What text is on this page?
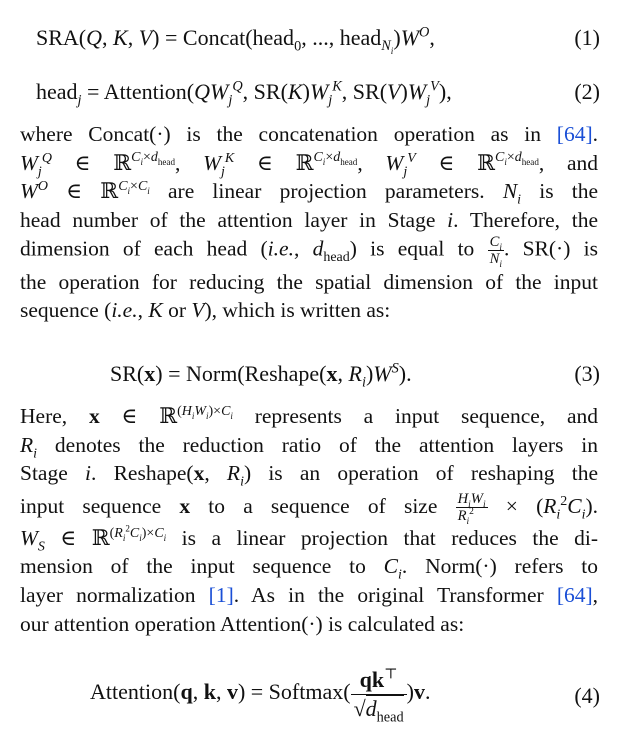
SRA(Q, K, V) = Concat(head$_0$, ..., $head_{N_i})W^O$,	(1)
head$_j$ = $Attention(QW_j^Q$, $SR(K)W_j^K$, $SR(V)W_j^V$),	(2)
where Concat(·) is the concatenation operation as in [64].
$W_j^Q$ ∈ ℝ$^{C_i\times d_{head}}$, $W_j^K$ ∈ ℝ$^{C_i\times d_{head}}$, $W_j^V$ ∈ ℝ$^{C_i\times d_{head}}$, and
$W^O$ ∈ ℝ$^{C_i\times C_i}$ are linear projection parameters. $N_i$ is the
head number of the attention layer in Stage i. Therefore, the
dimension of each head (i.e., $d_{head}$) is equal to $\frac{C_i}{N_i}$ . SR(·) is
the operation for reducing the spatial dimension of the input
sequence (i.e., K or V), which is written as:
SR(x) = Norm(Reshape(x, $R_i)W^S$).	(3)
Here, x ∈ ℝ$^{(H_iW_i)\times C_i}$ represents a input sequence, and
$R_i$ denotes the reduction ratio of the attention layers in
Stage i. Reshape(x, $R_i$) is an operation of reshaping the
input sequence x to a sequence of size $\frac{H_iW_i}{R_i^2} \times (R_i^2C_i)$.
$W_S$ ∈ ℝ$^{(R_i^2C_i)\times C_i}$ is a linear projection that reduces the di-
mension of the input sequence to $C_i$. Norm(·) refers to
layer normalization [1]. As in the original Transformer [64],
our attention operation Attention(·) is calculated as:
Attention(q, k, v) = Softmax( qk⊤
$√d_{head}$
)v.	(4)
